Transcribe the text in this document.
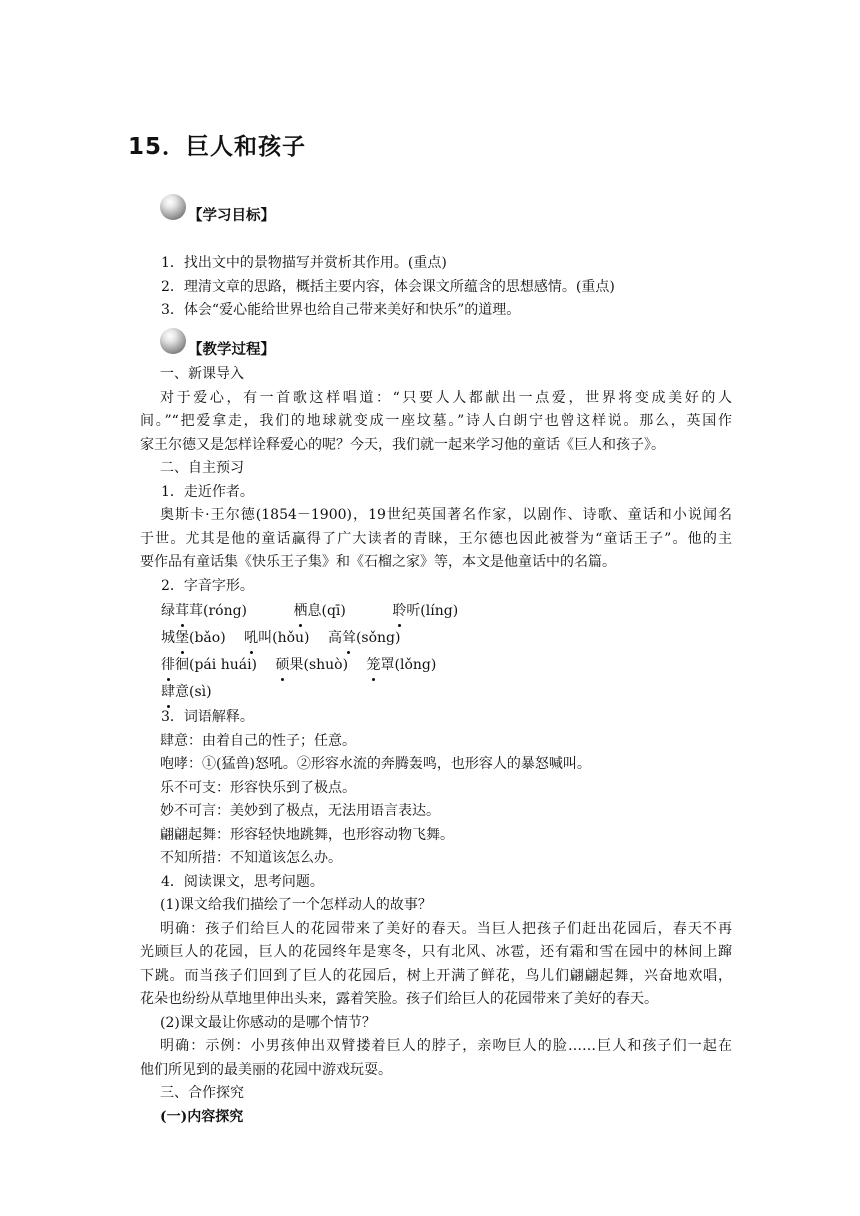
15．巨人和孩子
【学习目标】
1．找出文中的景物描写并赏析其作用。(重点)
2．理清文章的思路，概括主要内容，体会课文所蕴含的思想感情。(重点)
3．体会“爱心能给世界也给自己带来美好和快乐”的道理。
【教学过程】
一、新课导入
对于爱心，有一首歌这样唱道：“只要人人都献出一点爱，世界将变成美好的人
间。”“把爱拿走，我们的地球就变成一座坟墓。”诗人白朗宁也曾这样说。那么，英国作
家王尔德又是怎样诠释爱心的呢？今天，我们就一起来学习他的童话《巨人和孩子》。
二、自主预习
1．走近作者。
奥斯卡·王尔德(1854－1900)，19世纪英国著名作家，以剧作、诗歌、童话和小说闻名
于世。尤其是他的童话赢得了广大读者的青睐，王尔德也因此被誉为“童话王子”。他的主
要作品有童话集《快乐王子集》和《石榴之家》等，本文是他童话中的名篇。
2．字音字形。
绿茸茸(róng)	栖息(qī)	聆听(líng)
城堡(bǎo) 吼叫(hǒu) 高耸(sǒng)
徘徊(pái huái) 硕果(shuò) 笼罩(lǒng)
肆意(sì)
3．词语解释。
肆意：由着自己的性子；任意。
咆哮：①(猛兽)怒吼。②形容水流的奔腾轰鸣，也形容人的暴怒喊叫。
乐不可支：形容快乐到了极点。
妙不可言：美妙到了极点，无法用语言表达。
翩翩起舞：形容轻快地跳舞，也形容动物飞舞。
不知所措：不知道该怎么办。
4．阅读课文，思考问题。
(1)课文给我们描绘了一个怎样动人的故事？
明确：孩子们给巨人的花园带来了美好的春天。当巨人把孩子们赶出花园后，春天不再
光顾巨人的花园，巨人的花园终年是寒冬，只有北风、冰雹，还有霜和雪在园中的林间上蹿
下跳。而当孩子们回到了巨人的花园后，树上开满了鲜花，鸟儿们翩翩起舞，兴奋地欢唱，
花朵也纷纷从草地里伸出头来，露着笑脸。孩子们给巨人的花园带来了美好的春天。
(2)课文最让你感动的是哪个情节？
明确：示例：小男孩伸出双臂搂着巨人的脖子，亲吻巨人的脸……巨人和孩子们一起在
他们所见到的最美丽的花园中游戏玩耍。
三、合作探究
(一)内容探究
